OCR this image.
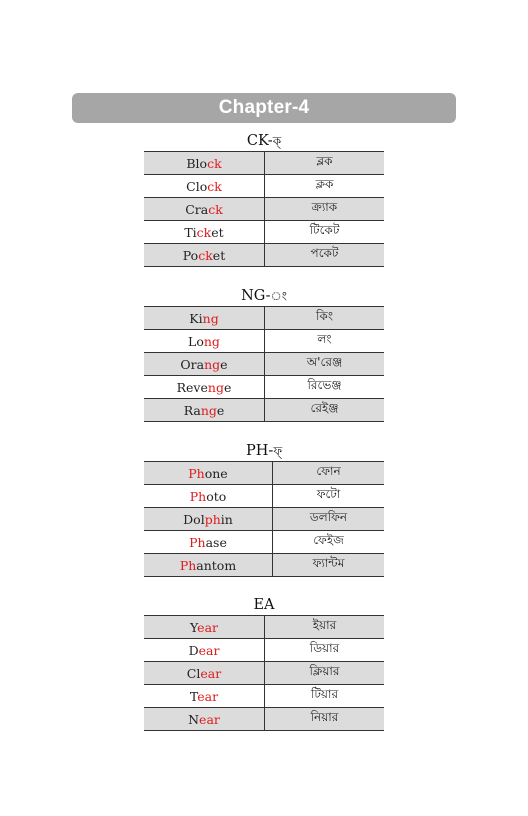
Chapter-4
CK-ক্
Block	ব্লক
Clock	ক্লক
Crack	ক্র্যাক
Ticket	টিকেট
Pocket	পকেট
NG-ং
King	কিং
Long	লং
Orange	অ'রেঞ্জ
Revenge	রিভেঞ্জ
Range	রেইঞ্জ
PH-ফ্
Phone	ফোন
Photo	ফটো
Dolphin	ডলফিন
Phase	ফেইজ
Phantom	ফ্যান্টম
EA
Year	ইয়ার
Dear	ডিয়ার
Clear	ক্লিয়ার
Tear	টিয়ার
Near	নিয়ার
